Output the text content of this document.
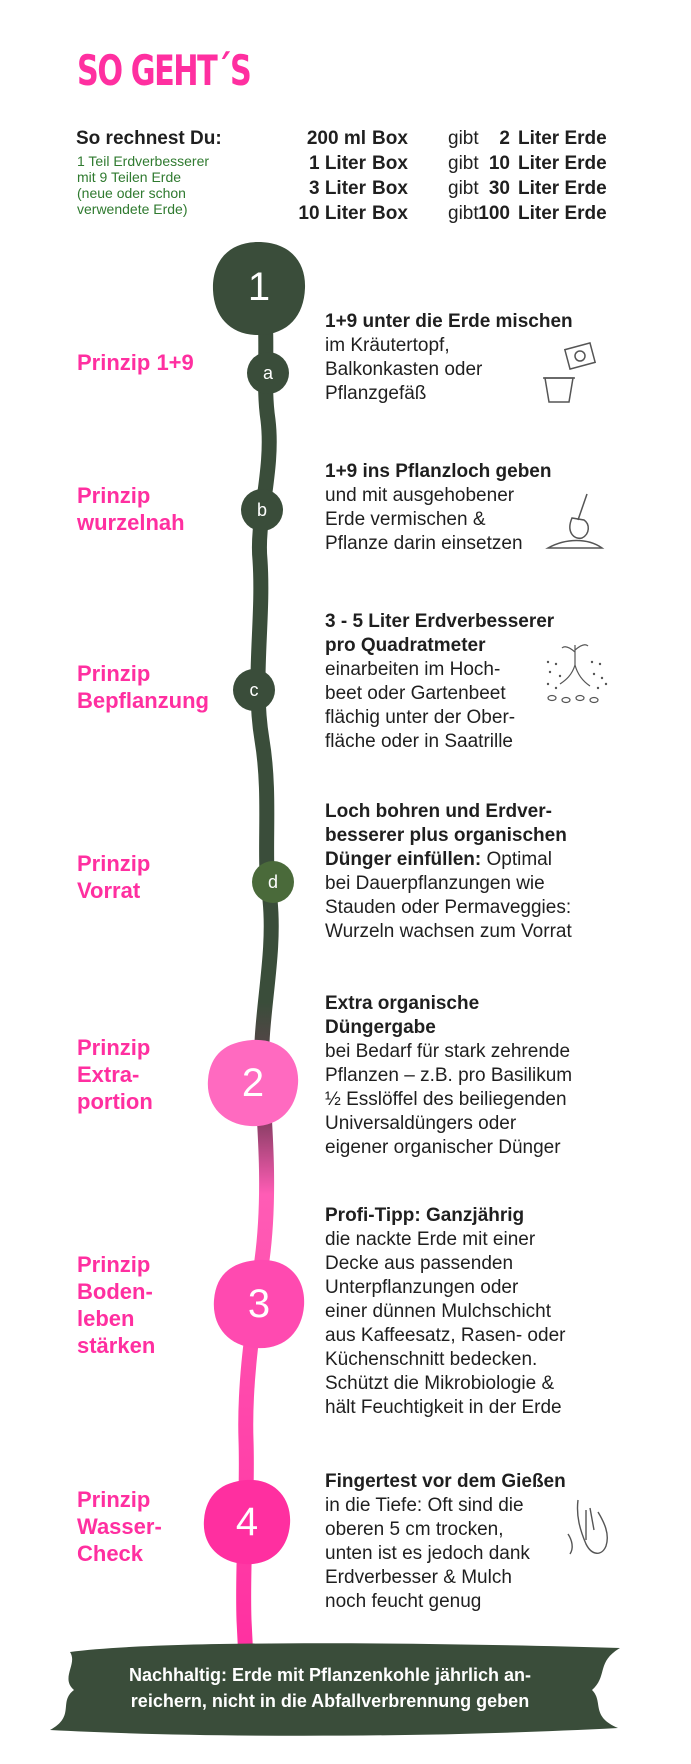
SO GEHT´S
So rechnest Du:
1 Teil Erdverbesserer
mit 9 Teilen Erde
(neue oder schon
verwendete Erde)
200 ml Box gibt 2 Liter Erde
1 Liter Box gibt 10 Liter Erde
3 Liter Box gibt 30 Liter Erde
10 Liter Box gibt 100 Liter Erde
1
a
b
c
d
2
3
4
Prinzip 1+9
Prinzip
wurzelnah
Prinzip
Bepflanzung
Prinzip
Vorrat
Prinzip
Extra-
portion
Prinzip
Boden-
leben
stärken
Prinzip
Wasser-
Check
1+9 unter die Erde mischen
im Kräutertopf,
Balkonkasten oder
Pflanzgefäß
1+9 ins Pflanzloch geben
und mit ausgehobener
Erde vermischen &
Pflanze darin einsetzen
3 - 5 Liter Erdverbesserer
pro Quadratmeter
einarbeiten im Hoch-
beet oder Gartenbeet
flächig unter der Ober-
fläche oder in Saatrille
Loch bohren und Erdver-
besserer plus organischen
Dünger einfüllen: Optimal
bei Dauerpflanzungen wie
Stauden oder Permaveggies:
Wurzeln wachsen zum Vorrat
Extra organische
Düngergabe
bei Bedarf für stark zehrende
Pflanzen – z.B. pro Basilikum
½ Esslöffel des beiliegenden
Universaldüngers oder
eigener organischer Dünger
Profi-Tipp: Ganzjährig
die nackte Erde mit einer
Decke aus passenden
Unterpflanzungen oder
einer dünnen Mulchschicht
aus Kaffeesatz, Rasen- oder
Küchenschnitt bedecken.
Schützt die Mikrobiologie &
hält Feuchtigkeit in der Erde
Fingertest vor dem Gießen
in die Tiefe: Oft sind die
oberen 5 cm trocken,
unten ist es jedoch dank
Erdverbesser & Mulch
noch feucht genug
Nachhaltig: Erde mit Pflanzenkohle jährlich an-
reichern, nicht in die Abfallverbrennung geben
